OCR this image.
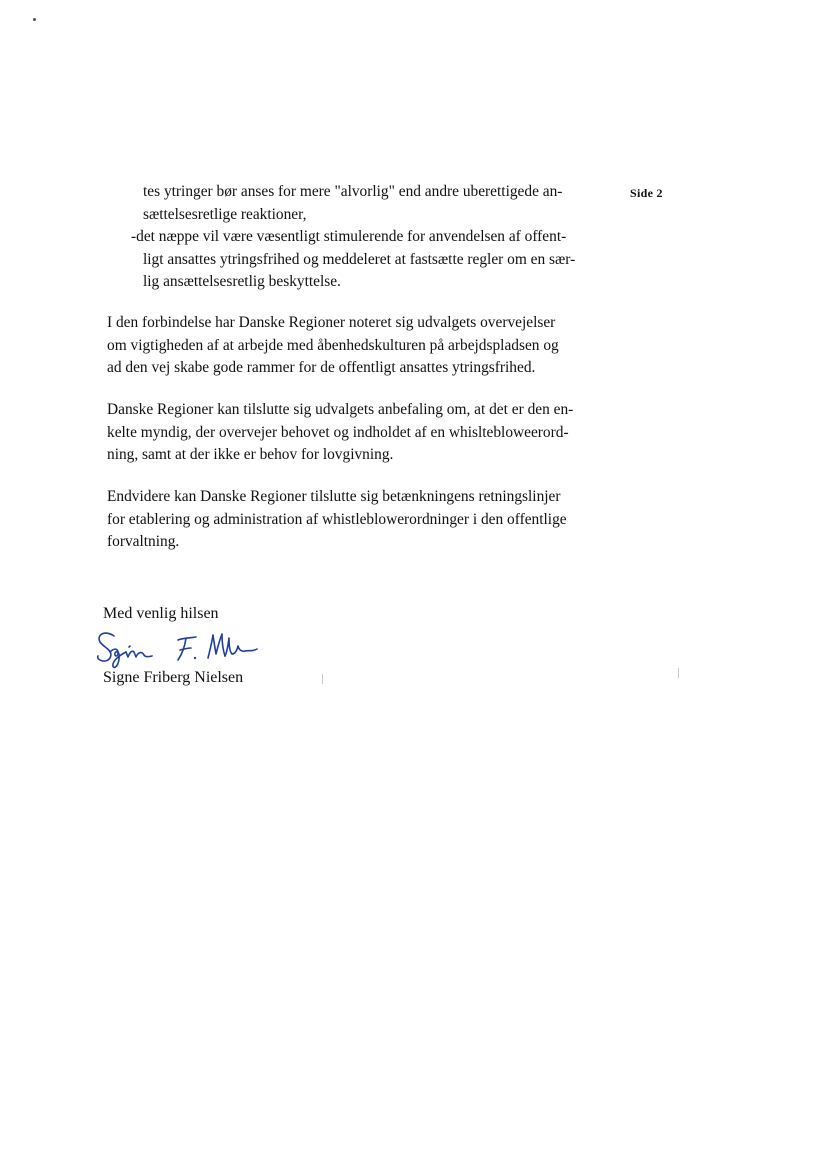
Side 2
tes ytringer bør anses for mere "alvorlig" end andre uberettigede an-
sættelsesretlige reaktioner,
-det næppe vil være væsentligt stimulerende for anvendelsen af offent-
ligt ansattes ytringsfrihed og meddeleret at fastsætte regler om en sær-
lig ansættelsesretlig beskyttelse.
I den forbindelse har Danske Regioner noteret sig udvalgets overvejelser
om vigtigheden af at arbejde med åbenhedskulturen på arbejdspladsen og
ad den vej skabe gode rammer for de offentligt ansattes ytringsfrihed.
Danske Regioner kan tilslutte sig udvalgets anbefaling om, at det er den en-
kelte myndig, der overvejer behovet og indholdet af en whisltebloweerord-
ning, samt at der ikke er behov for lovgivning.
Endvidere kan Danske Regioner tilslutte sig betænkningens retningslinjer
for etablering og administration af whistleblowerordninger i den offentlige
forvaltning.
Med venlig hilsen
Signe Friberg Nielsen
